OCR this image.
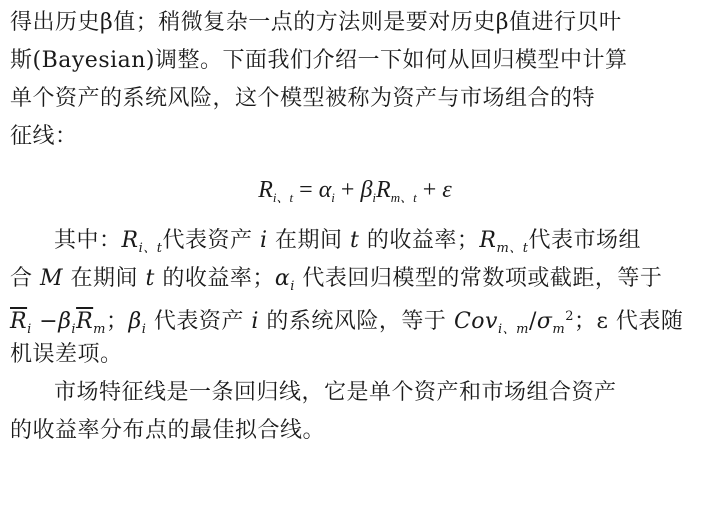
得出历史β值；稍微复杂一点的方法则是要对历史β值进行贝叶
斯(Bayesian)调整。下面我们介绍一下如何从回归模型中计算
单个资产的系统风险，这个模型被称为资产与市场组合的特
征线：
$R_{i、t} = \alpha_i + \beta_iR_{m、t} + \varepsilon$
其中：$R_{i、t}$代表资产 i 在期间 t 的收益率；$R_{m、t}$代表市场组
合 M 在期间 t 的收益率；$\alpha_i$ 代表回归模型的常数项或截距，等于
$\overline{R}_i -\beta_i\overline{R}_m$；$\beta_i$ 代表资产 i 的系统风险，等于 $Cov_{i、m}/\sigma_m^2$；ε 代表随
机误差项。
市场特征线是一条回归线，它是单个资产和市场组合资产
的收益率分布点的最佳拟合线。
